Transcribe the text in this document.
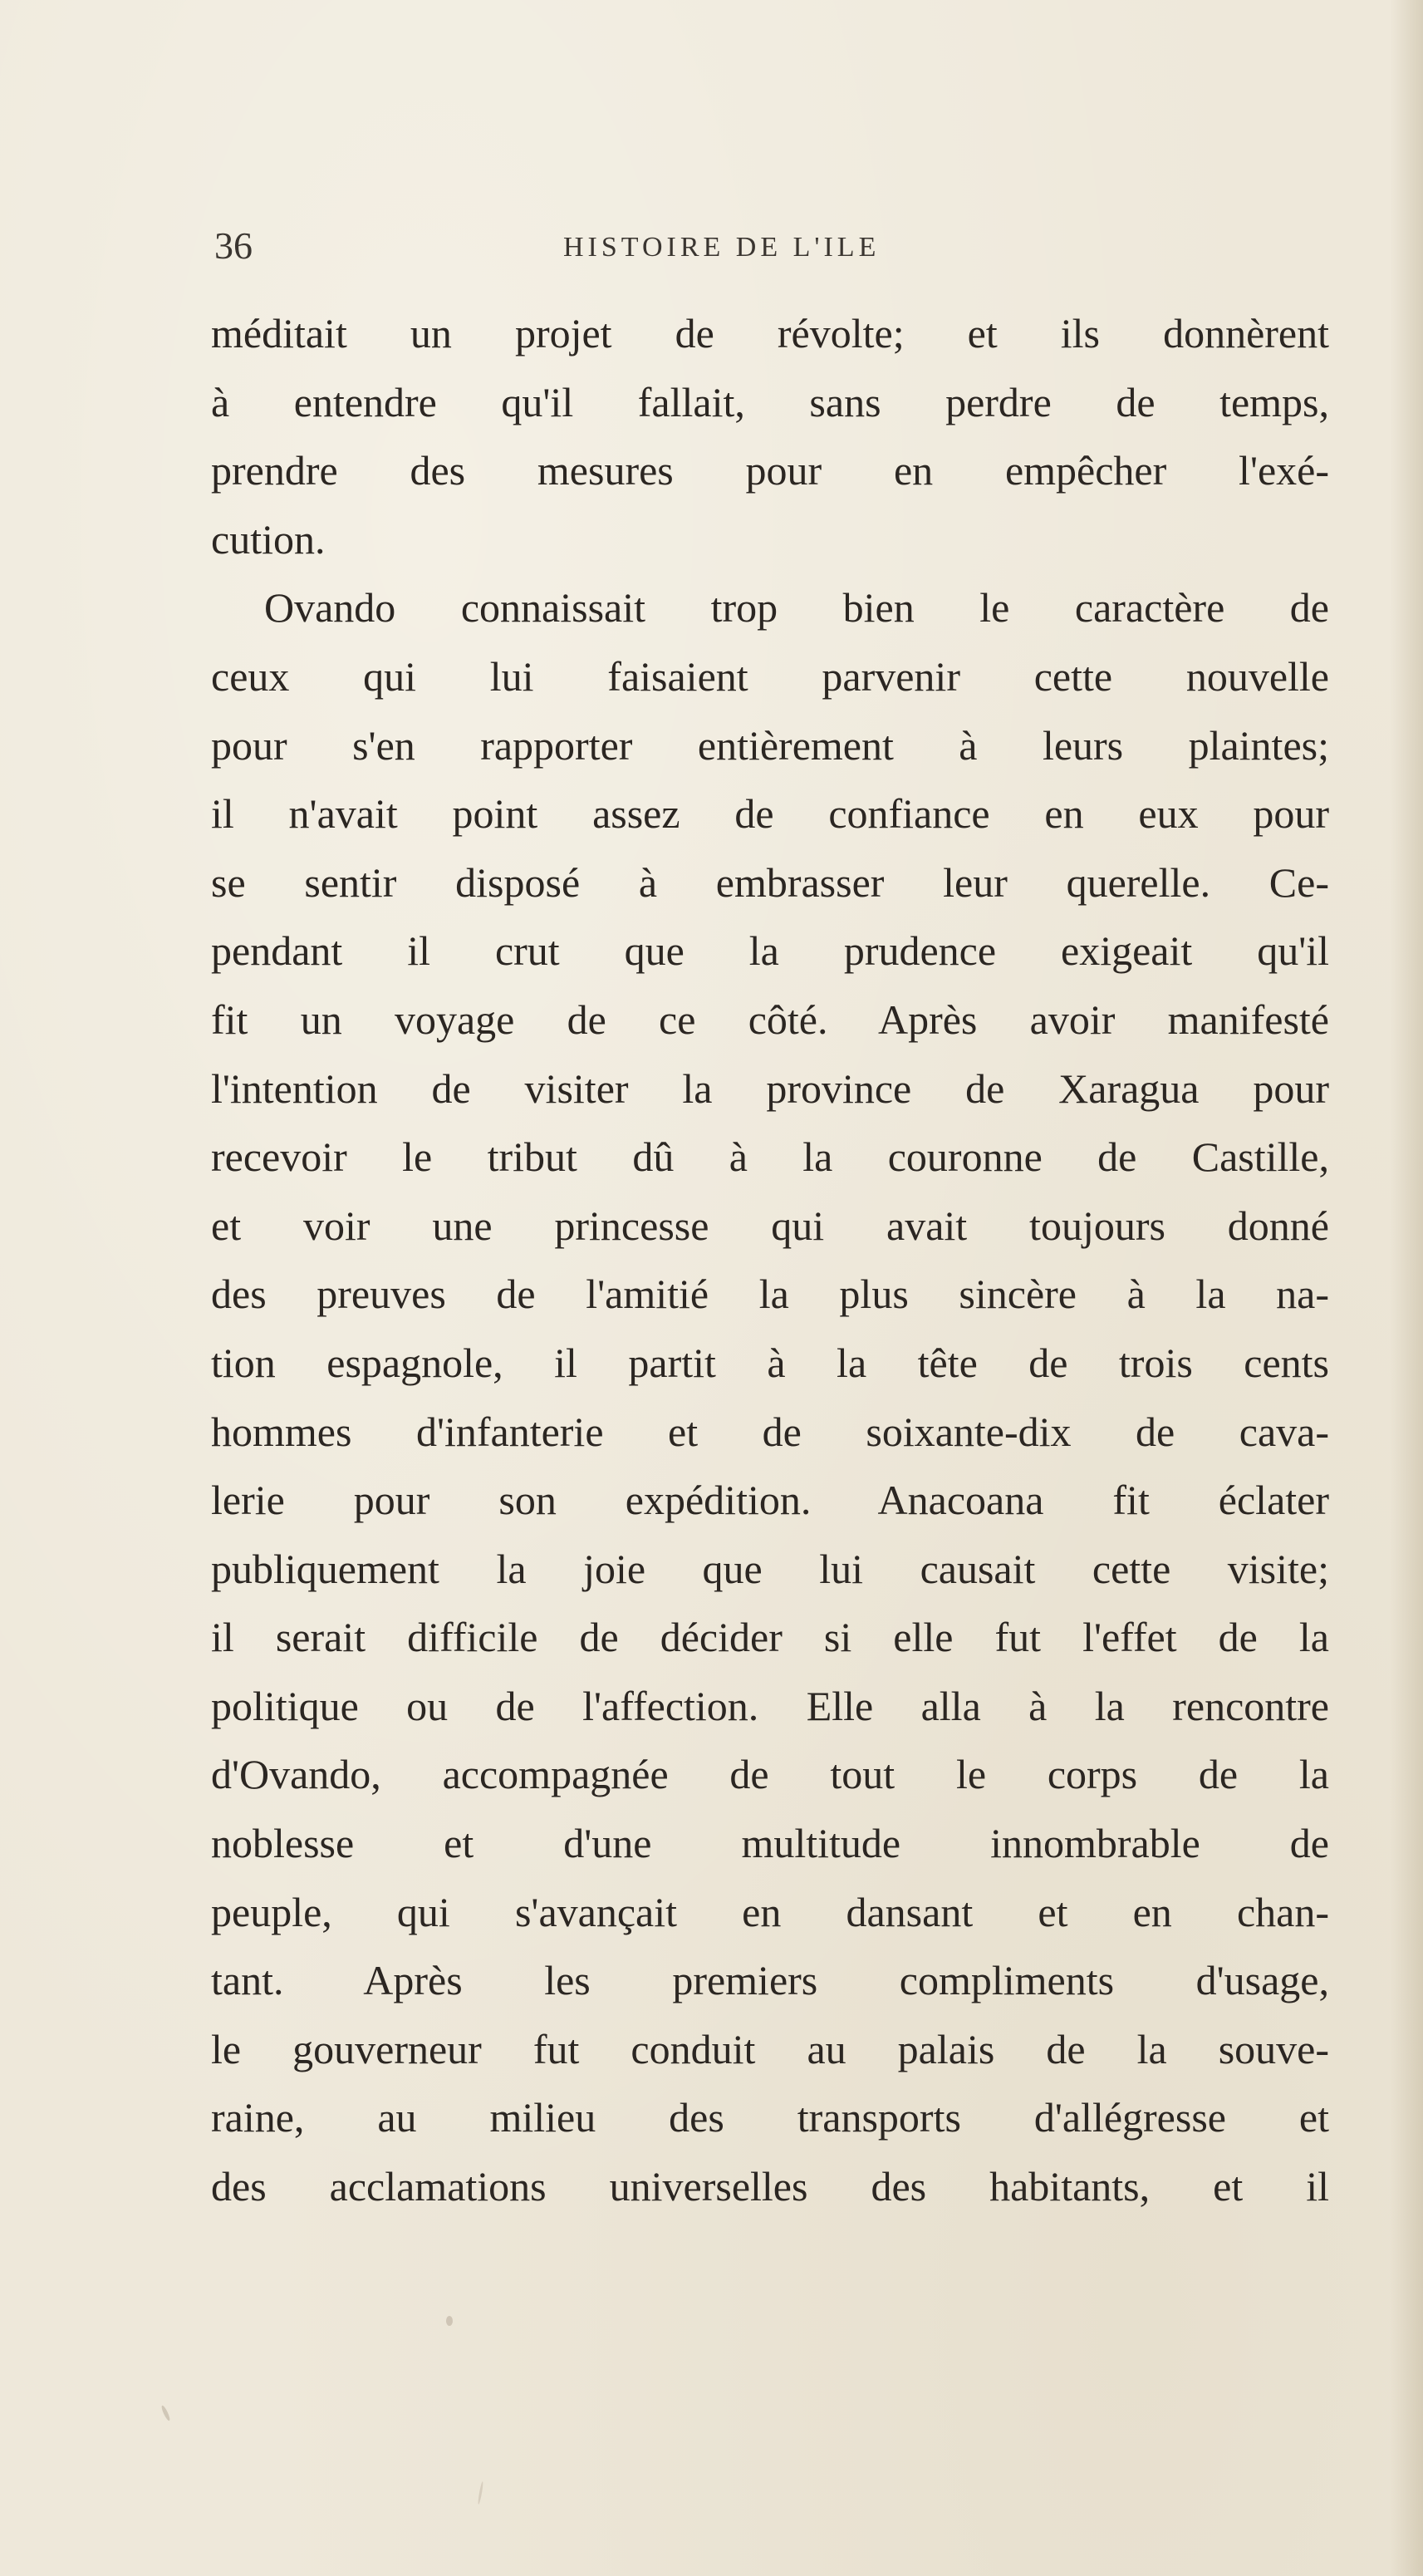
36	HISTOIRE DE L'ILE
méditait un projet de révolte; et ils donnèrent
à entendre qu'il fallait, sans perdre de temps,
prendre des mesures pour en empêcher l'exé-
cution.
Ovando connaissait trop bien le caractère de
ceux qui lui faisaient parvenir cette nouvelle
pour s'en rapporter entièrement à leurs plaintes;
il n'avait point assez de confiance en eux pour
se sentir disposé à embrasser leur querelle. Ce-
pendant il crut que la prudence exigeait qu'il
fit un voyage de ce côté. Après avoir manifesté
l'intention de visiter la province de Xaragua pour
recevoir le tribut dû à la couronne de Castille,
et voir une princesse qui avait toujours donné
des preuves de l'amitié la plus sincère à la na-
tion espagnole, il partit à la tête de trois cents
hommes d'infanterie et de soixante-dix de cava-
lerie pour son expédition. Anacoana fit éclater
publiquement la joie que lui causait cette visite;
il serait difficile de décider si elle fut l'effet de la
politique ou de l'affection. Elle alla à la rencontre
d'Ovando, accompagnée de tout le corps de la
noblesse et d'une multitude innombrable de
peuple, qui s'avançait en dansant et en chan-
tant. Après les premiers compliments d'usage,
le gouverneur fut conduit au palais de la souve-
raine, au milieu des transports d'allégresse et
des acclamations universelles des habitants, et il
